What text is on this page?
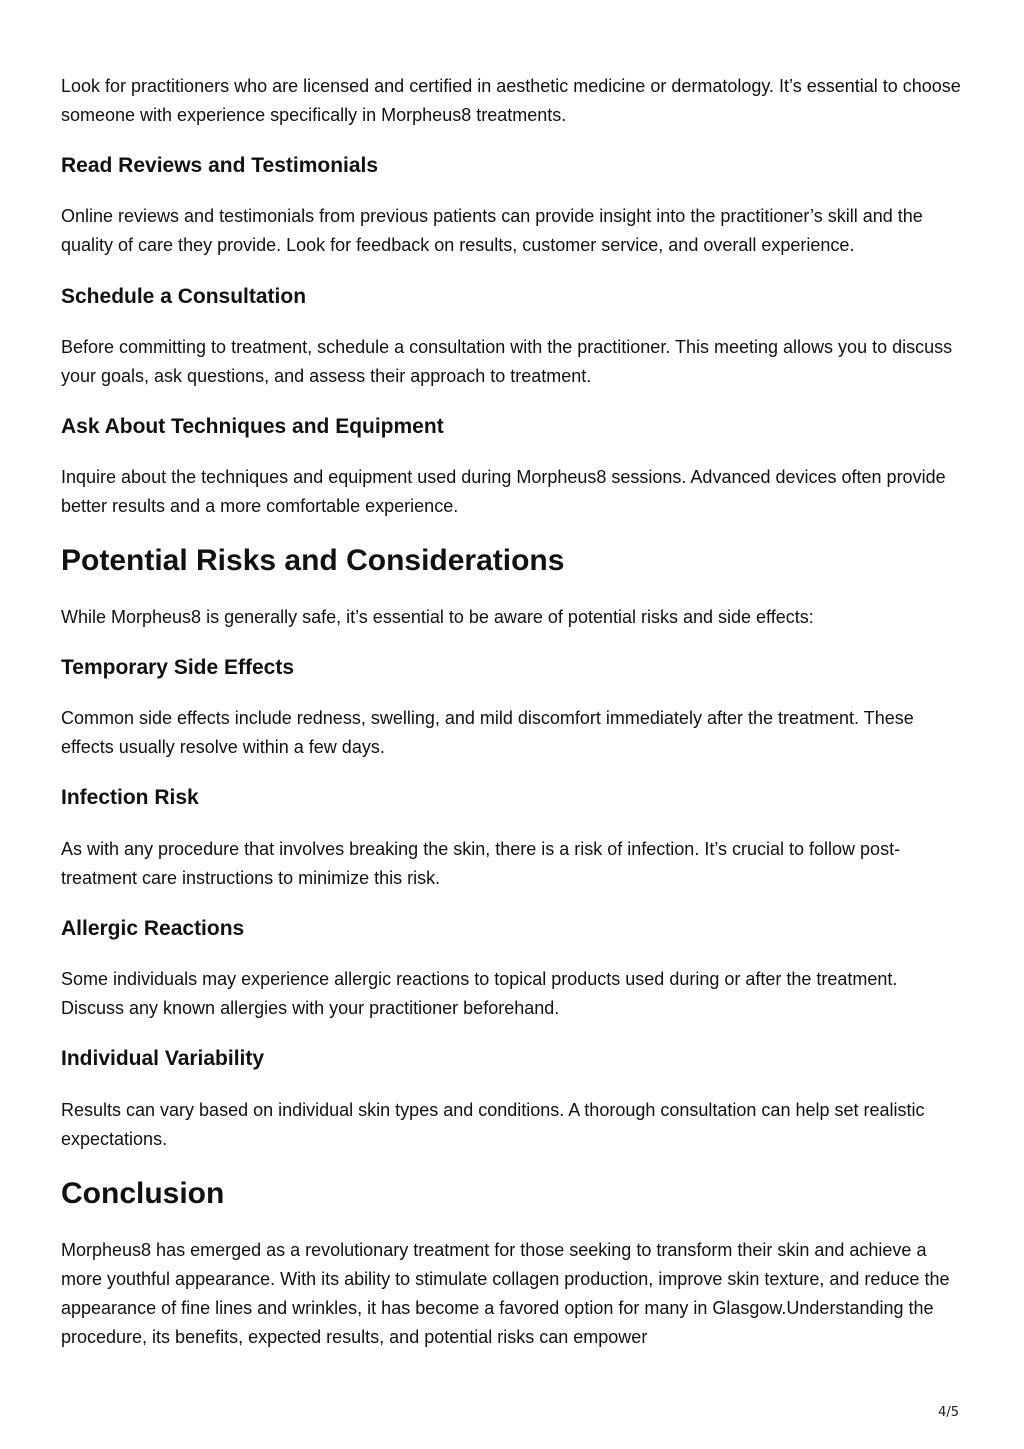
Look for practitioners who are licensed and certified in aesthetic medicine or dermatology. It’s essential to choose someone with experience specifically in Morpheus8 treatments.

Read Reviews and Testimonials

Online reviews and testimonials from previous patients can provide insight into the practitioner’s skill and the quality of care they provide. Look for feedback on results, customer service, and overall experience.

Schedule a Consultation

Before committing to treatment, schedule a consultation with the practitioner. This meeting allows you to discuss your goals, ask questions, and assess their approach to treatment.

Ask About Techniques and Equipment

Inquire about the techniques and equipment used during Morpheus8 sessions. Advanced devices often provide better results and a more comfortable experience.

Potential Risks and Considerations

While Morpheus8 is generally safe, it’s essential to be aware of potential risks and side effects:

Temporary Side Effects

Common side effects include redness, swelling, and mild discomfort immediately after the treatment. These effects usually resolve within a few days.

Infection Risk

As with any procedure that involves breaking the skin, there is a risk of infection. It’s crucial to follow post-treatment care instructions to minimize this risk.

Allergic Reactions

Some individuals may experience allergic reactions to topical products used during or after the treatment. Discuss any known allergies with your practitioner beforehand.

Individual Variability

Results can vary based on individual skin types and conditions. A thorough consultation can help set realistic expectations.

Conclusion

Morpheus8 has emerged as a revolutionary treatment for those seeking to transform their skin and achieve a more youthful appearance. With its ability to stimulate collagen production, improve skin texture, and reduce the appearance of fine lines and wrinkles, it has become a favored option for many in Glasgow.Understanding the procedure, its benefits, expected results, and potential risks can empower

4/5
